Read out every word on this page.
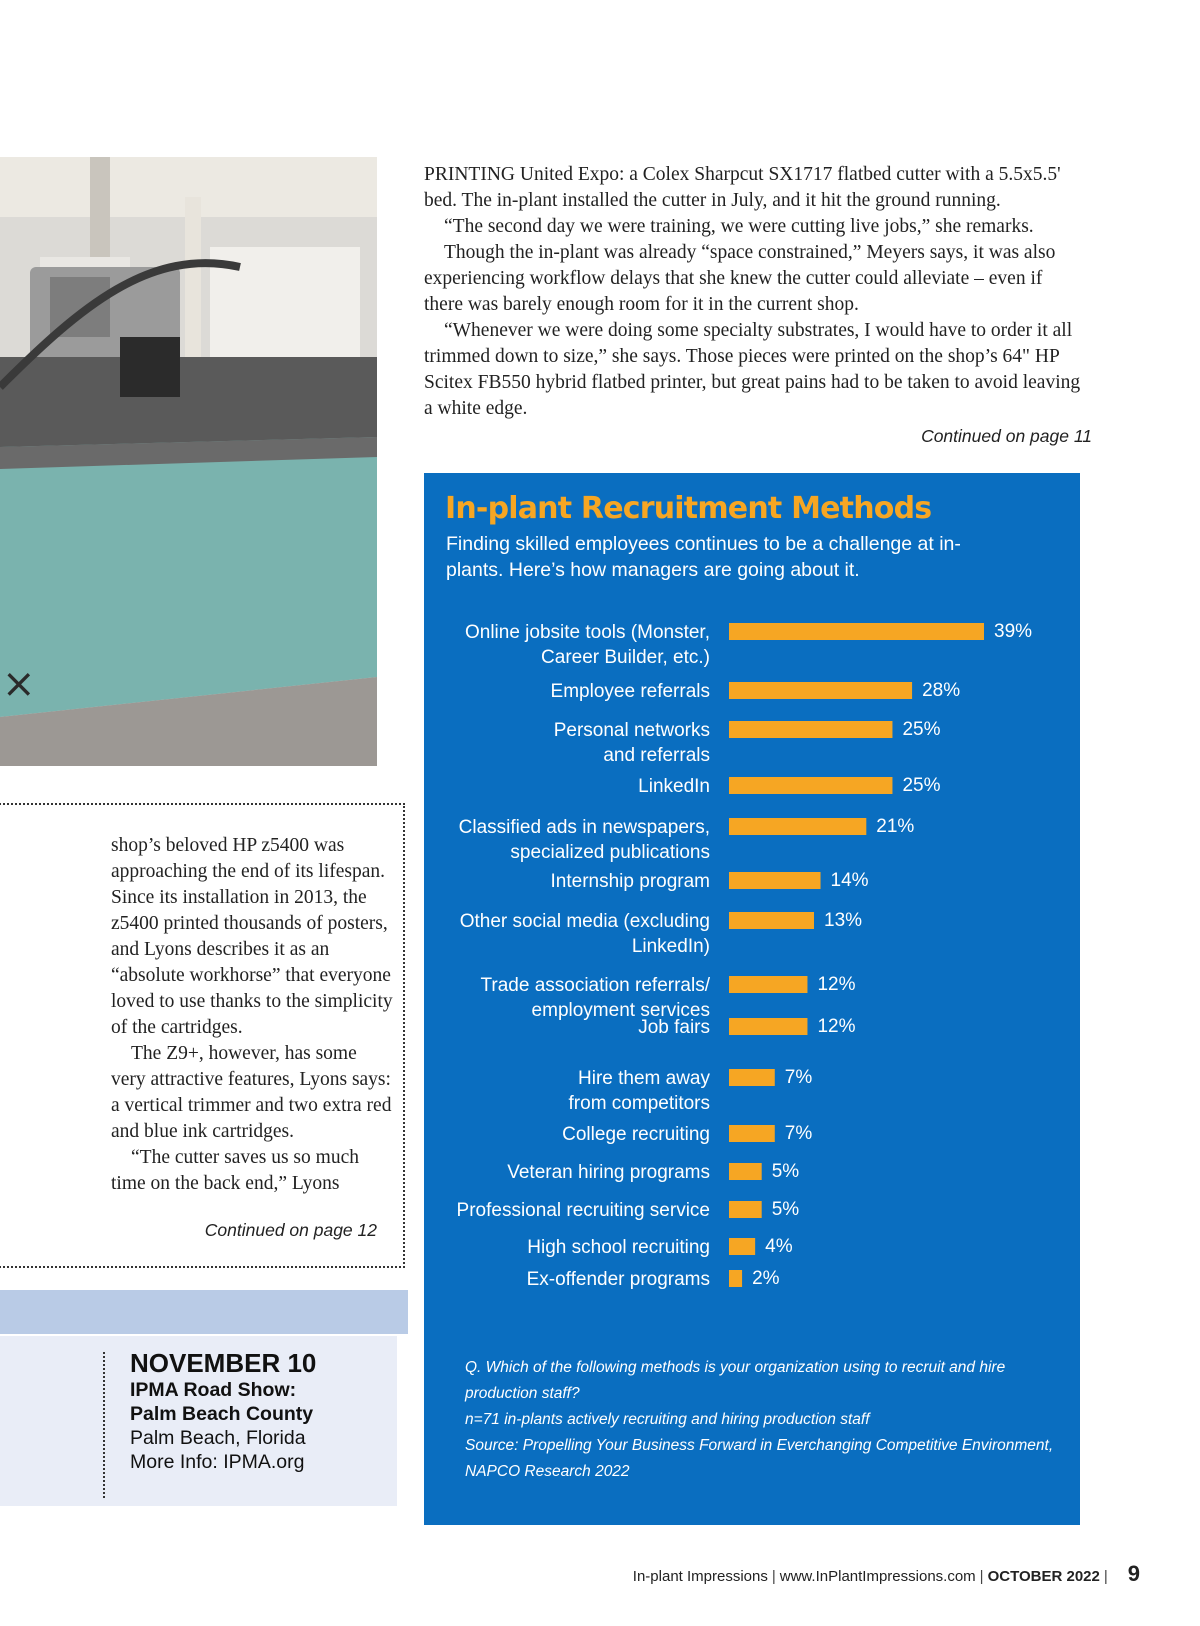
×

PRINTING United Expo: a Colex Sharpcut SX1717 flatbed cutter with a 5.5x5.5' bed. The in-plant installed the cutter in July, and it hit the ground running.

“The second day we were training, we were cutting live jobs,” she remarks.

Though the in-plant was already “space constrained,” Meyers says, it was also experiencing workflow delays that she knew the cutter could alleviate – even if there was barely enough room for it in the current shop.

“Whenever we were doing some specialty substrates, I would have to order it all trimmed down to size,” she says. Those pieces were printed on the shop’s 64" HP Scitex FB550 hybrid flatbed printer, but great pains had to be taken to avoid leaving a white edge.

Continued on page 11

shop’s beloved HP z5400 was approaching the end of its lifespan. Since its installation in 2013, the z5400 printed thousands of posters, and Lyons describes it as an “absolute workhorse” that everyone loved to use thanks to the simplicity of the cartridges.

The Z9+, however, has some very attractive features, Lyons says: a vertical trimmer and two extra red and blue ink cartridges.

“The cutter saves us so much time on the back end,” Lyons

Continued on page 12
NOVEMBER 10
IPMA Road Show:
Palm Beach County
Palm Beach, Florida
More Info: IPMA.org
39%
Online jobsite tools (Monster,
Career Builder, etc.)
28%
Employee referrals
25%
Personal networks
and referrals
25%
LinkedIn
21%
Classified ads in newspapers,
specialized publications
14%
Internship program
13%
Other social media (excluding
LinkedIn)
12%
Trade association referrals/
employment services
12%
Job fairs
7%
Hire them away
from competitors
7%
College recruiting
5%
Veteran hiring programs
5%
Professional recruiting service
4%
High school recruiting
2%
Ex-offender programs
In-plant Recruitment Methods
Finding skilled employees continues to be a challenge at in-plants. Here’s how managers are going about it.
Q. Which of the following methods is your organization using to recruit and hire production staff?
n=71 in-plants actively recruiting and hiring production staff
Source: Propelling Your Business Forward in Everchanging Competitive Environment, NAPCO Research 2022
In-plant Impressions | www.InPlantImpressions.com | OCTOBER 2022 | 9
